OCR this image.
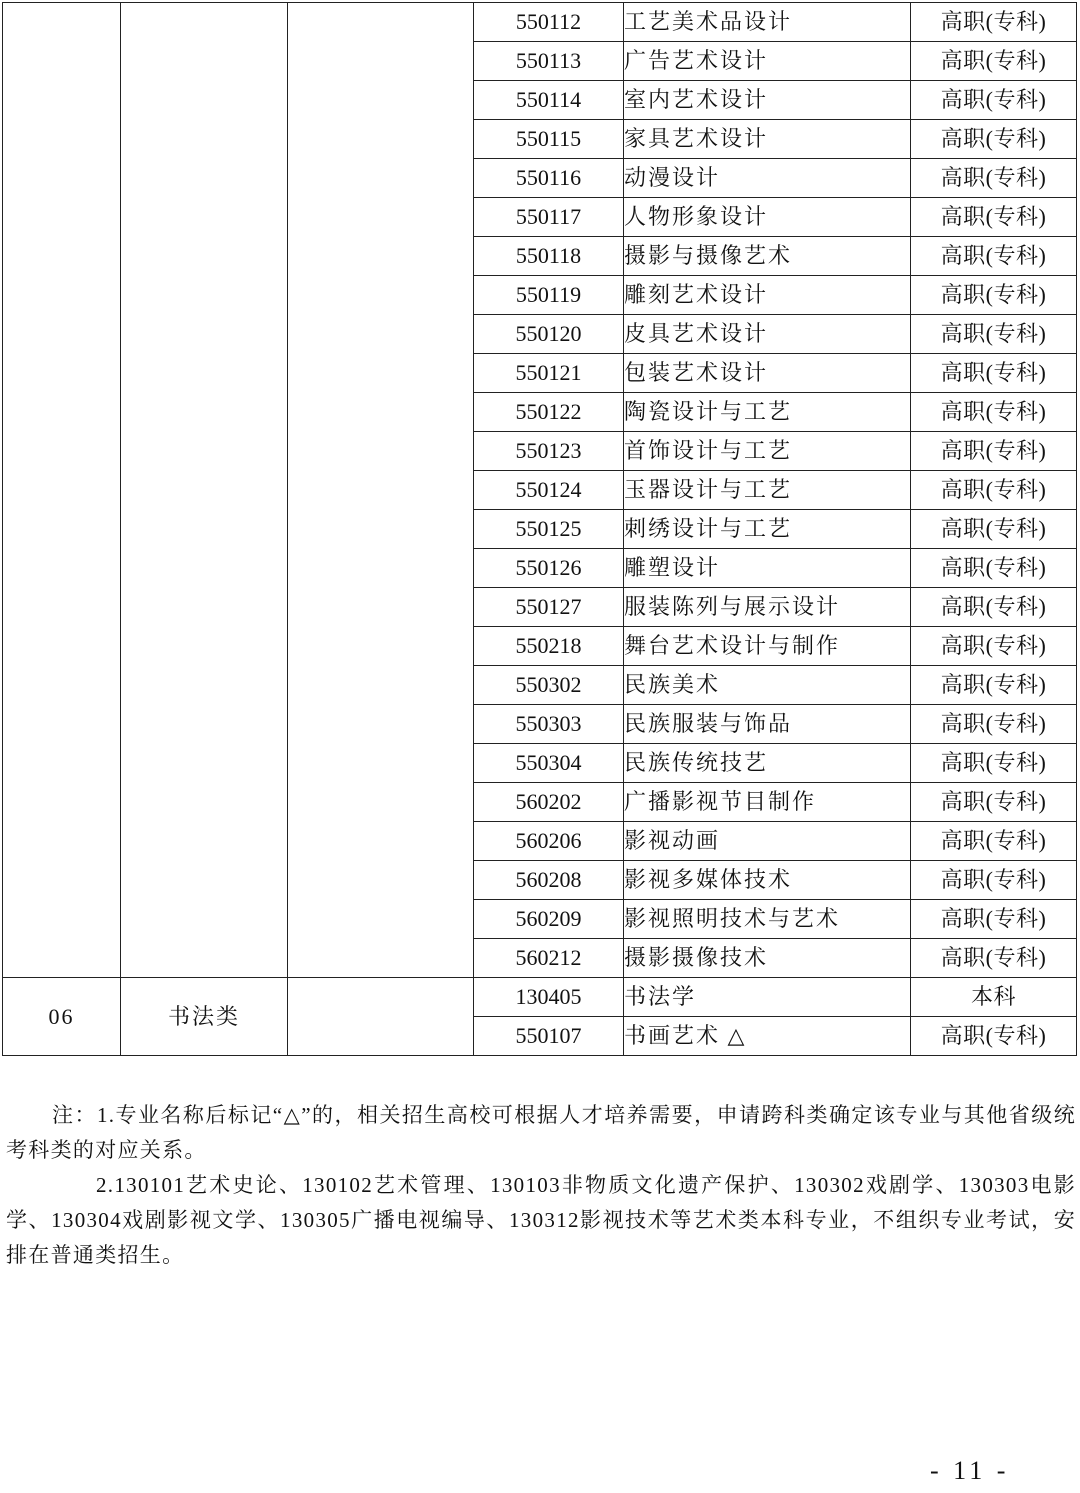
			550112	工艺美术品设计	高职(专科)
			550113	广告艺术设计	高职(专科)
			550114	室内艺术设计	高职(专科)
			550115	家具艺术设计	高职(专科)
			550116	动漫设计	高职(专科)
			550117	人物形象设计	高职(专科)
			550118	摄影与摄像艺术	高职(专科)
			550119	雕刻艺术设计	高职(专科)
			550120	皮具艺术设计	高职(专科)
			550121	包装艺术设计	高职(专科)
			550122	陶瓷设计与工艺	高职(专科)
			550123	首饰设计与工艺	高职(专科)
			550124	玉器设计与工艺	高职(专科)
			550125	刺绣设计与工艺	高职(专科)
			550126	雕塑设计	高职(专科)
			550127	服装陈列与展示设计	高职(专科)
			550218	舞台艺术设计与制作	高职(专科)
			550302	民族美术	高职(专科)
			550303	民族服装与饰品	高职(专科)
			550304	民族传统技艺	高职(专科)
			560202	广播影视节目制作	高职(专科)
			560206	影视动画	高职(专科)
			560208	影视多媒体技术	高职(专科)
			560209	影视照明技术与艺术	高职(专科)
			560212	摄影摄像技术	高职(专科)
06	书法类		130405	书法学	本科
			550107	书画艺术 △	高职(专科)

注：1.专业名称后标记“△”的，相关招生高校可根据人才培养需要，申请跨科类确定该专业与其他省级统考科类的对应关系。

2.130101艺术史论、130102艺术管理、130103非物质文化遗产保护、130302戏剧学、130303电影学、130304戏剧影视文学、130305广播电视编导、130312影视技术等艺术类本科专业，不组织专业考试，安排在普通类招生。

- 11 -
